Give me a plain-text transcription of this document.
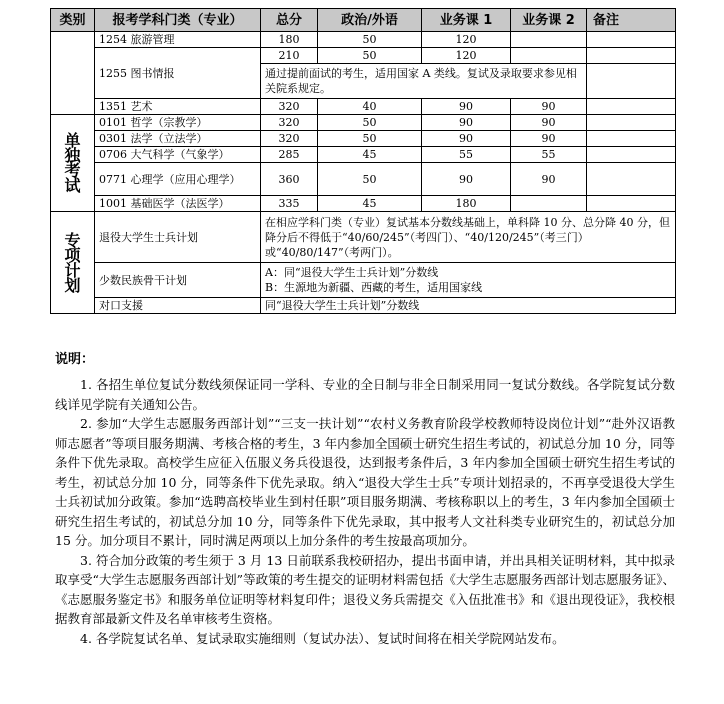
类别	报考学科门类（专业）	总分	政治/外语	业务课 1	业务课 2	备注
	1254 旅游管理	180	50	120		
	1255 图书情报	210	50	120		
		通过提前面试的考生，适用国家 A 类线。复试及录取要求参见相关院系规定。				
	1351 艺术	320	40	90	90	

单
独
考
试	0101 哲学（宗教学）	320	50	90	90	
	0301 法学（立法学）	320	50	90	90	
	0706 大气科学（气象学）	285	45	55	55	
	0771 心理学（应用心理学）	360	50	90	90	
	1001 基础医学（法医学）	335	45	180		

专
项
计
划	退役大学生士兵计划	在相应学科门类（专业）复试基本分数线基础上，单科降 10 分、总分降 40 分，但降分后不得低于“40/60/245”（考四门）、“40/120/245”（考三门）或“40/80/147”（考两门）。				
	少数民族骨干计划	A：同“退役大学生士兵计划”分数线
B：生源地为新疆、西藏的考生，适用国家线				

	对口支援	同“退役大学生士兵计划”分数线				
说明：

1. 各招生单位复试分数线须保证同一学科、专业的全日制与非全日制采用同一复试分数线。各学院复试分数线详见学院有关通知公告。

2. 参加“大学生志愿服务西部计划”“三支一扶计划”“农村义务教育阶段学校教师特设岗位计划”“赴外汉语教师志愿者”等项目服务期满、考核合格的考生，3 年内参加全国硕士研究生招生考试的，初试总分加 10 分，同等条件下优先录取。高校学生应征入伍服义务兵役退役，达到报考条件后，3 年内参加全国硕士研究生招生考试的考生，初试总分加 10 分，同等条件下优先录取。纳入“退役大学生士兵”专项计划招录的，不再享受退役大学生士兵初试加分政策。参加“选聘高校毕业生到村任职”项目服务期满、考核称职以上的考生，3 年内参加全国硕士研究生招生考试的，初试总分加 10 分，同等条件下优先录取，其中报考人文社科类专业研究生的，初试总分加 15 分。加分项目不累计，同时满足两项以上加分条件的考生按最高项加分。

3. 符合加分政策的考生须于 3 月 13 日前联系我校研招办，提出书面申请，并出具相关证明材料，其中拟录取享受“大学生志愿服务西部计划”等政策的考生提交的证明材料需包括《大学生志愿服务西部计划志愿服务证》、《志愿服务鉴定书》和服务单位证明等材料复印件；退役义务兵需提交《入伍批准书》和《退出现役证》，我校根据教育部最新文件及名单审核考生资格。

4. 各学院复试名单、复试录取实施细则（复试办法）、复试时间将在相关学院网站发布。
